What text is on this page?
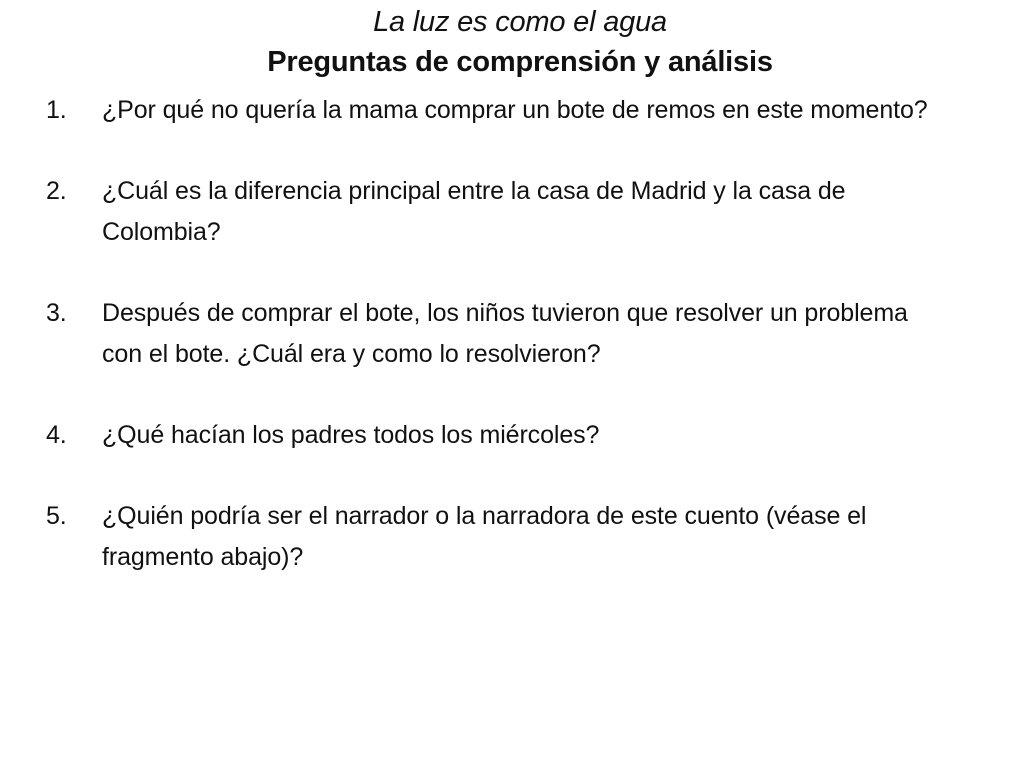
La luz es como el agua

Preguntas de comprensión y análisis

1. ¿Por qué no quería la mama comprar un bote de remos en este momento?
2. ¿Cuál es la diferencia principal entre la casa de Madrid y la casa de Colombia?
3. Después de comprar el bote, los niños tuvieron que resolver un problema con el bote. ¿Cuál era y como lo resolvieron?
4. ¿Qué hacían los padres todos los miércoles?
5. ¿Quién podría ser el narrador o la narradora de este cuento (véase el fragmento abajo)?
